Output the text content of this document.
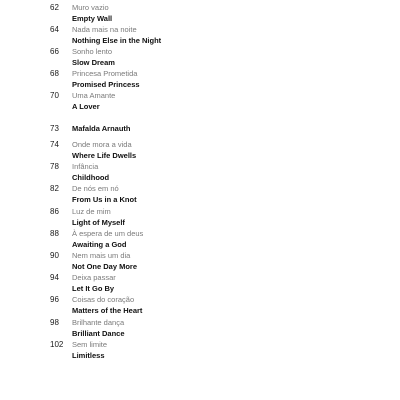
62 Muro vazio
Empty Wall
64 Nada mais na noite
Nothing Else in the Night
66 Sonho lento
Slow Dream
68 Princesa Prometida
Promised Princess
70 Uma Amante
A Lover
73 Mafalda Arnauth
74 Onde mora a vida
Where Life Dwells
78 Infância
Childhood
82 De nós em nó
From Us in a Knot
86 Luz de mim
Light of Myself
88 À espera de um deus
Awaiting a God
90 Nem mais um dia
Not One Day More
94 Deixa passar
Let It Go By
96 Coisas do coração
Matters of the Heart
98 Brilhante dança
Brilliant Dance
102 Sem limite
Limitless
